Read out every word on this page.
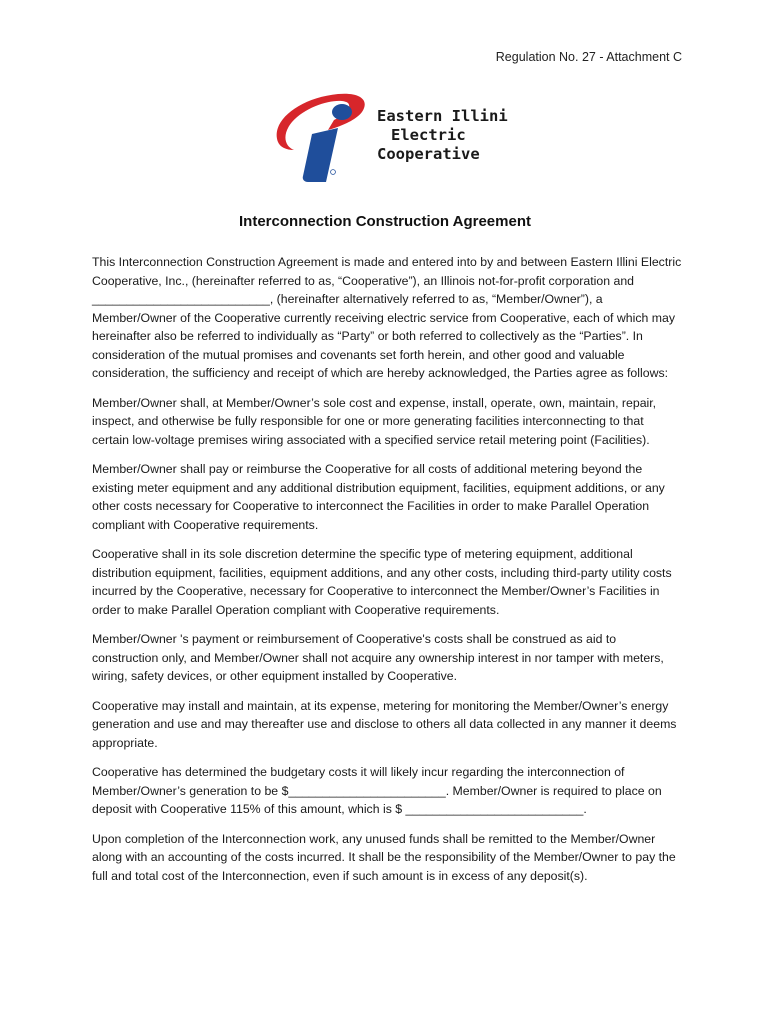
Regulation No. 27 - Attachment C
Eastern Illini
Electric
Cooperative
Interconnection Construction Agreement

This Interconnection Construction Agreement is made and entered into by and between Eastern Illini Electric Cooperative, Inc., (hereinafter referred to as, “Cooperative”), an Illinois not-for-profit corporation and __________________________, (hereinafter alternatively referred to as, “Member/Owner”), a Member/Owner of the Cooperative currently receiving electric service from Cooperative, each of which may hereinafter also be referred to individually as “Party” or both referred to collectively as the “Parties”. In consideration of the mutual promises and covenants set forth herein, and other good and valuable consideration, the sufficiency and receipt of which are hereby acknowledged, the Parties agree as follows:

Member/Owner shall, at Member/Owner’s sole cost and expense, install, operate, own, maintain, repair, inspect, and otherwise be fully responsible for one or more generating facilities interconnecting to that certain low-voltage premises wiring associated with a specified service retail metering point (Facilities).

Member/Owner shall pay or reimburse the Cooperative for all costs of additional metering beyond the existing meter equipment and any additional distribution equipment, facilities, equipment additions, or any other costs necessary for Cooperative to interconnect the Facilities in order to make Parallel Operation compliant with Cooperative requirements.

Cooperative shall in its sole discretion determine the specific type of metering equipment, additional distribution equipment, facilities, equipment additions, and any other costs, including third-party utility costs incurred by the Cooperative, necessary for Cooperative to interconnect the Member/Owner’s Facilities in order to make Parallel Operation compliant with Cooperative requirements.

Member/Owner 's payment or reimbursement of Cooperative's costs shall be construed as aid to construction only, and Member/Owner shall not acquire any ownership interest in nor tamper with meters, wiring, safety devices, or other equipment installed by Cooperative.

Cooperative may install and maintain, at its expense, metering for monitoring the Member/Owner’s energy generation and use and may thereafter use and disclose to others all data collected in any manner it deems appropriate.

Cooperative has determined the budgetary costs it will likely incur regarding the interconnection of Member/Owner’s generation to be $_______________________. Member/Owner is required to place on deposit with Cooperative 115% of this amount, which is $ __________________________.

Upon completion of the Interconnection work, any unused funds shall be remitted to the Member/Owner along with an accounting of the costs incurred. It shall be the responsibility of the Member/Owner to pay the full and total cost of the Interconnection, even if such amount is in excess of any deposit(s).
